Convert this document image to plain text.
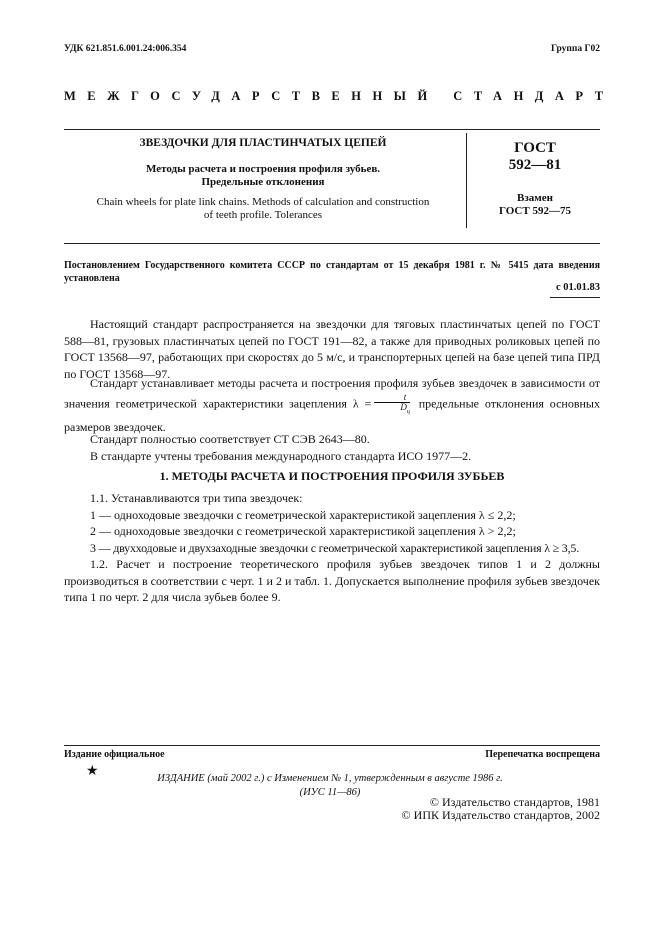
УДК 621.851.6.001.24:006.354	Группа Г02
МЕЖГОСУДАРСТВЕННЫЙ СТАНДАРТ
ЗВЕЗДОЧКИ ДЛЯ ПЛАСТИНЧАТЫХ ЦЕПЕЙ
Методы расчета и построения профиля зубьев.
Предельные отклонения
Chain wheels for plate link chains. Methods of calculation and construction
of teeth profile. Tolerances
ГОСТ
592—81
Взамен
ГОСТ 592—75
Постановлением Государственного комитета СССР по стандартам от 15 декабря 1981 г. № 5415 дата введения установлена
с 01.01.83

Настоящий стандарт распространяется на звездочки для тяговых пластинчатых цепей по ГОСТ 588—81, грузовых пластинчатых цепей по ГОСТ 191—82, а также для приводных роликовых цепей по ГОСТ 13568—97, работающих при скоростях до 5 м/с, и транспортерных цепей на базе цепей типа ПРД по ГОСТ 13568—97.

Стандарт устанавливает методы расчета и построения профиля зубьев звездочек в зависимости от значения геометрической характеристики зацепления $\lambda = \frac{t}{D_ц}$ предельные отклонения основных размеров звездочек.

Стандарт полностью соответствует СТ СЭВ 2643—80.

В стандарте учтены требования международного стандарта ИСО 1977—2.

1. МЕТОДЫ РАСЧЕТА И ПОСТРОЕНИЯ ПРОФИЛЯ ЗУБЬЕВ

1.1. Устанавливаются три типа звездочек:

1 — одноходовые звездочки с геометрической характеристикой зацепления λ ≤ 2,2;

2 — одноходовые звездочки с геометрической характеристикой зацепления λ > 2,2;

3 — двухходовые и двухзаходные звездочки с геометрической характеристикой зацепления λ ≥ 3,5.

1.2. Расчет и построение теоретического профиля зубьев звездочек типов 1 и 2 должны производиться в соответствии с черт. 1 и 2 и табл. 1. Допускается выполнение профиля зубьев звездочек типа 1 по черт. 2 для числа зубьев более 9.

Издание официальное	Перепечатка воспрещена
★	ИЗДАНИЕ (май 2002 г.) с Изменением № 1, утвержденным в августе 1986 г.
(ИУС 11—86)
© Издательство стандартов, 1981
© ИПК Издательство стандартов, 2002
